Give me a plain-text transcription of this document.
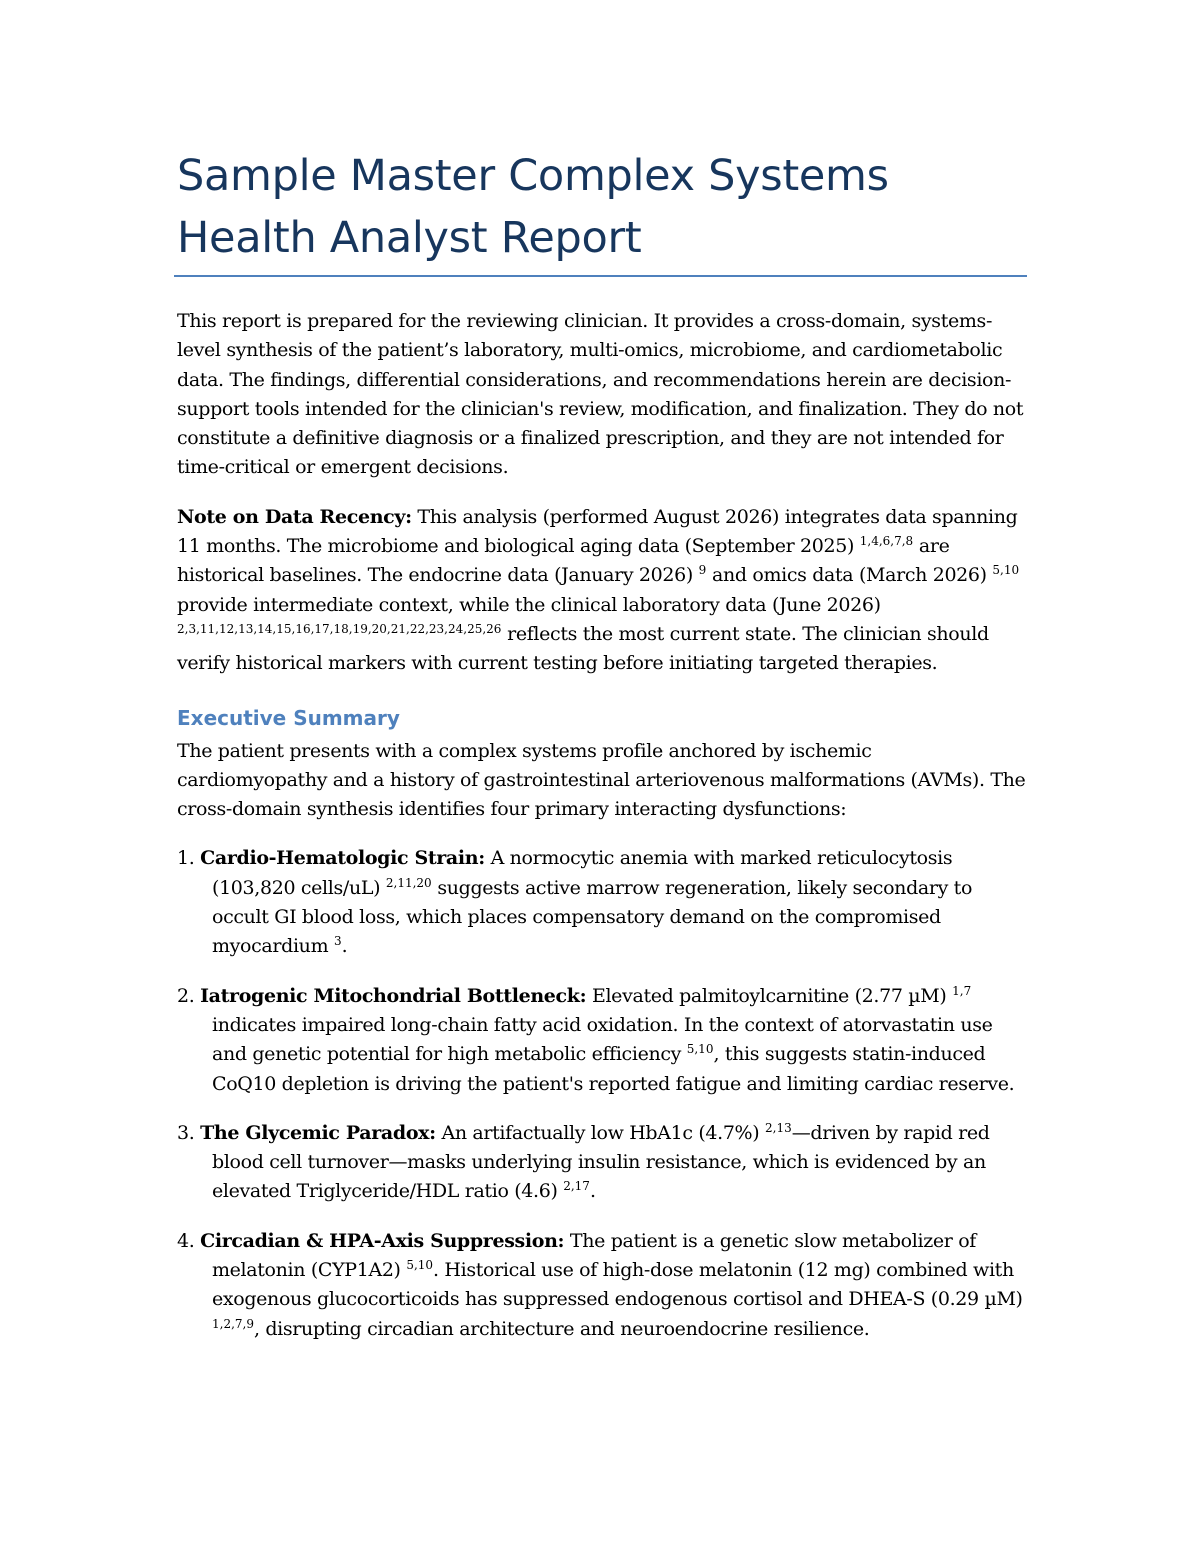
Sample Master Complex Systems
Health Analyst Report

This report is prepared for the reviewing clinician. It provides a cross-domain, systems-level synthesis of the patient’s laboratory, multi-omics, microbiome, and cardiometabolic data. The findings, differential considerations, and recommendations herein are decision-support tools intended for the clinician's review, modification, and finalization. They do not constitute a definitive diagnosis or a finalized prescription, and they are not intended for time-critical or emergent decisions.

Note on Data Recency: This analysis (performed August 2026) integrates data spanning 11 months. The microbiome and biological aging data (September 2025) $^{1,4,6,7,8}$ are historical baselines. The endocrine data (January 2026) $^9$ and omics data (March 2026) $^{5,10}$ provide intermediate context, while the clinical laboratory data (June 2026)
$^{2,3,11,12,13,14,15,16,17,18,19,20,21,22,23,24,25,26}$ reflects the most current state. The clinician should verify historical markers with current testing before initiating targeted therapies.

Executive Summary

The patient presents with a complex systems profile anchored by ischemic cardiomyopathy and a history of gastrointestinal arteriovenous malformations (AVMs). The cross-domain synthesis identifies four primary interacting dysfunctions:

1. Cardio-Hematologic Strain: A normocytic anemia with marked reticulocytosis (103,820 cells/uL) $^{2,11,20}$ suggests active marrow regeneration, likely secondary to occult GI blood loss, which places compensatory demand on the compromised myocardium $^3$.
2. Iatrogenic Mitochondrial Bottleneck: Elevated palmitoylcarnitine (2.77 µM) $^{1,7}$ indicates impaired long-chain fatty acid oxidation. In the context of atorvastatin use and genetic potential for high metabolic efficiency $^{5,10}$, this suggests statin-induced CoQ10 depletion is driving the patient's reported fatigue and limiting cardiac reserve.
3. The Glycemic Paradox: An artifactually low HbA1c (4.7%) $^{2,13}$—driven by rapid red blood cell turnover—masks underlying insulin resistance, which is evidenced by an elevated Triglyceride/HDL ratio (4.6) $^{2,17}$.
4. Circadian & HPA-Axis Suppression: The patient is a genetic slow metabolizer of melatonin (CYP1A2) $^{5,10}$. Historical use of high-dose melatonin (12 mg) combined with exogenous glucocorticoids has suppressed endogenous cortisol and DHEA-S (0.29 µM) $^{1,2,7,9}$, disrupting circadian architecture and neuroendocrine resilience.
